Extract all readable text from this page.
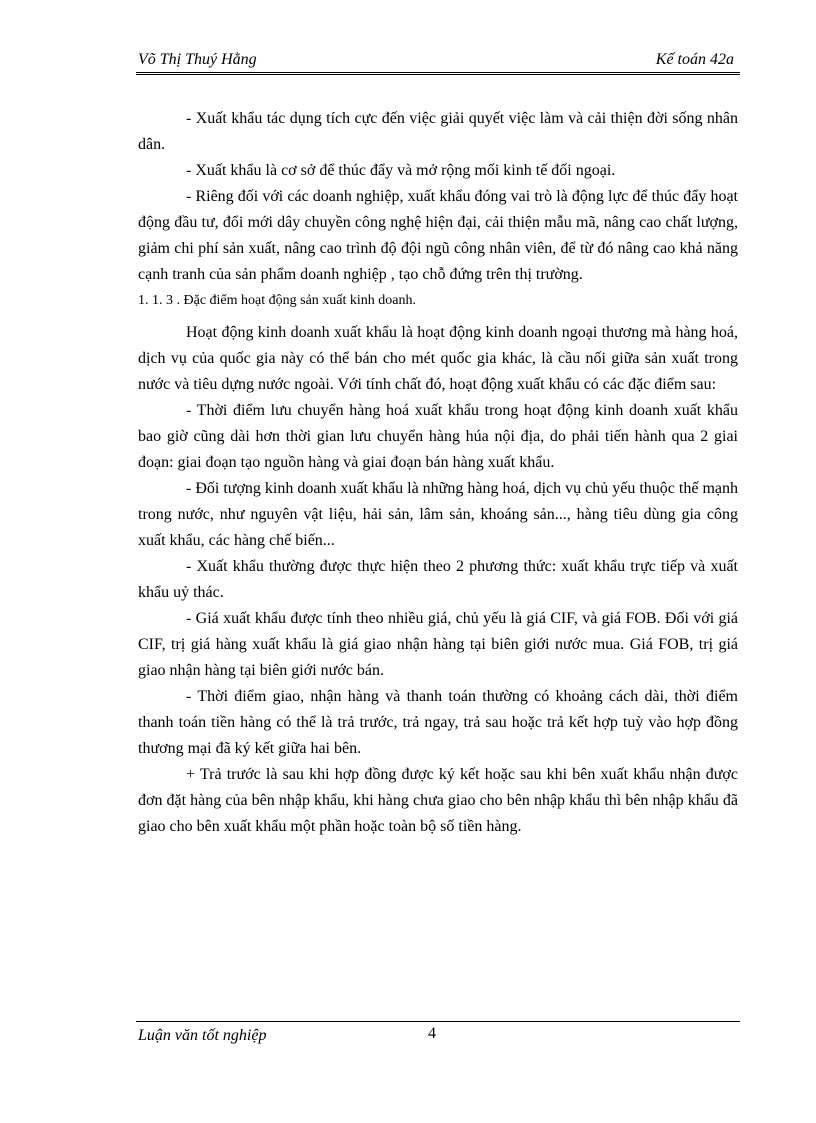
Võ Thị Thuý Hằng	Kế toán 42a

- Xuất khẩu tác dụng tích cực đến việc giải quyết việc làm và cải thiện đời sống nhân dân.

- Xuất khẩu là cơ sở để thúc đẩy và mở rộng mối kinh tế đối ngoại.

- Riêng đối với các doanh nghiệp, xuất khẩu đóng vai trò là động lực để thúc đẩy hoạt động đầu tư, đổi mới dây chuyền công nghệ hiện đại, cải thiện mẫu mã, nâng cao chất lượng, giảm chi phí sản xuất, nâng cao trình độ đội ngũ công nhân viên, để từ đó nâng cao khả năng cạnh tranh của sản phẩm doanh nghiệp , tạo chỗ đứng trên thị trường.

1. 1. 3 . Đặc điểm hoạt động sản xuất kinh doanh.

Hoạt động kinh doanh xuất khẩu là hoạt động kinh doanh ngoại thương mà hàng hoá, dịch vụ của quốc gia này có thể bán cho mét quốc gia khác, là cầu nối giữa sản xuất trong nước và tiêu dựng nước ngoài. Với tính chất đó, hoạt động xuất khẩu có các đặc điểm sau:

- Thời điểm lưu chuyển hàng hoá xuất khẩu trong hoạt động kinh doanh xuất khẩu bao giờ cũng dài hơn thời gian lưu chuyển hàng húa nội địa, do phải tiến hành qua 2 giai đoạn: giai đoạn tạo nguồn hàng và giai đoạn bán hàng xuất khẩu.

- Đối tượng kinh doanh xuất khẩu là những hàng hoá, dịch vụ chủ yếu thuộc thế mạnh trong nước, như nguyên vật liệu, hải sản, lâm sản, khoáng sản..., hàng tiêu dùng gia công xuất khẩu, các hàng chế biến...

- Xuất khẩu thường được thực hiện theo 2 phương thức: xuất khẩu trực tiếp và xuất khẩu uỷ thác.

- Giá xuất khẩu được tính theo nhiều giá, chủ yếu là giá CIF, và giá FOB. Đối với giá CIF, trị giá hàng xuất khẩu là giá giao nhận hàng tại biên giới nước mua. Giá FOB, trị giá giao nhận hàng tại biên giới nước bán.

- Thời điểm giao, nhận hàng và thanh toán thường có khoảng cách dài, thời điểm thanh toán tiền hàng có thể là trả trước, trả ngay, trả sau hoặc trả kết hợp tuỳ vào hợp đồng thương mại đã ký kết giữa hai bên.

+ Trả trước là sau khi hợp đồng được ký kết hoặc sau khi bên xuất khẩu nhận được đơn đặt hàng của bên nhập khẩu, khi hàng chưa giao cho bên nhập khẩu thì bên nhập khẩu đã giao cho bên xuất khẩu một phần hoặc toàn bộ số tiền hàng.

Luận văn tốt nghiệp	4
